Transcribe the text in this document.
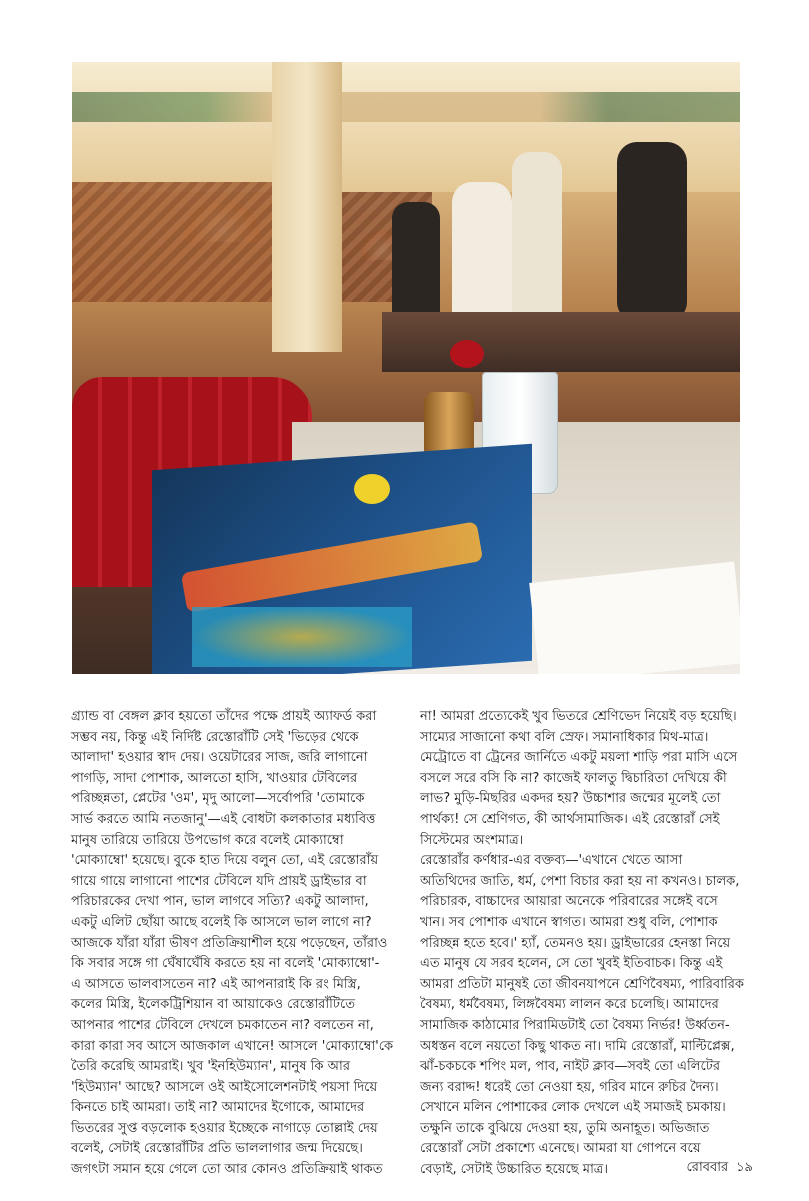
গ্র্যান্ড বা বেঙ্গল ক্লাব হয়তো তাঁদের পক্ষে প্রায়ই অ্যাফর্ড করা

সম্ভব নয়, কিন্তু এই নির্দিষ্ট রেস্তোরাঁটি সেই 'ভিড়ের থেকে

আলাদা' হওয়ার স্বাদ দেয়। ওয়েটারের সাজ, জরি লাগানো

পাগড়ি, সাদা পোশাক, আলতো হাসি, খাওয়ার টেবিলের

পরিচ্ছন্নতা, প্লেটের 'ওম', মৃদু আলো—সর্বোপরি 'তোমাকে

সার্ভ করতে আমি নতজানু'—এই বোধটা কলকাতার মধ্যবিত্ত

মানুষ তারিয়ে তারিয়ে উপভোগ করে বলেই মোক্যাম্বো

'মোক্যাম্বো' হয়েছে। বুকে হাত দিয়ে বলুন তো, এই রেস্তোরাঁয়

গায়ে গায়ে লাগানো পাশের টেবিলে যদি প্রায়ই ড্রাইভার বা

পরিচারকের দেখা পান, ভাল লাগবে সত্যি? একটু আলাদা,

একটু এলিট ছোঁয়া আছে বলেই কি আসলে ভাল লাগে না?

আজকে যাঁরা যাঁরা ভীষণ প্রতিক্রিয়াশীল হয়ে পড়েছেন, তাঁরাও

কি সবার সঙ্গে গা ঘেঁষাঘেঁষি করতে হয় না বলেই 'মোক্যাম্বো'-

এ আসতে ভালবাসতেন না? এই আপনারাই কি রং মিস্ত্রি,

কলের মিস্ত্রি, ইলেকট্রিশিয়ান বা আয়াকেও রেস্তোরাঁটিতে

আপনার পাশের টেবিলে দেখলে চমকাতেন না? বলতেন না,

কারা কারা সব আসে আজকাল এখানে! আসলে 'মোক্যাম্বো'কে

তৈরি করেছি আমরাই। খুব 'ইনহিউম্যান', মানুষ কি আর

'হিউম্যান' আছে? আসলে ওই আইসোলেশনটাই পয়সা দিয়ে

কিনতে চাই আমরা। তাই না? আমাদের ইগোকে, আমাদের

ভিতরের সুপ্ত বড়লোক হওয়ার ইচ্ছেকে নাগাড়ে তোল্লাই দেয়

বলেই, সেটাই রেস্তোরাঁটির প্রতি ভাললাগার জন্ম দিয়েছে।

জগৎটা সমান হয়ে গেলে তো আর কোনও প্রতিক্রিয়াই থাকত

না! আমরা প্রত্যেকেই খুব ভিতরে শ্রেণিভেদ নিয়েই বড় হয়েছি।

সাম্যের সাজানো কথা বলি স্রেফ। সমানাধিকার মিথ-মাত্র।

মেট্রোতে বা ট্রেনের জার্নিতে একটু ময়লা শাড়ি পরা মাসি এসে

বসলে সরে বসি কি না? কাজেই ফালতু দ্বিচারিতা দেখিয়ে কী

লাভ? মুড়ি-মিছরির একদর হয়? উচ্চাশার জন্মের মূলেই তো

পার্থক্য! সে শ্রেণিগত, কী আর্থসামাজিক। এই রেস্তোরাঁ সেই

সিস্টেমের অংশমাত্র।

রেস্তোরাঁর কর্ণধার-এর বক্তব্য—'এখানে খেতে আসা

অতিথিদের জাতি, ধর্ম, পেশা বিচার করা হয় না কখনও। চালক,

পরিচারক, বাচ্চাদের আয়ারা অনেকে পরিবারের সঙ্গেই বসে

খান। সব পোশাক এখানে স্বাগত। আমরা শুধু বলি, পোশাক

পরিচ্ছন্ন হতে হবে।' হ্যাঁ, তেমনও হয়। ড্রাইভারের হেনস্তা নিয়ে

এত মানুষ যে সরব হলেন, সে তো খুবই ইতিবাচক। কিন্তু এই

আমরা প্রতিটা মানুষই তো জীবনযাপনে শ্রেণিবৈষম্য, পারিবারিক

বৈষম্য, ধর্মবৈষম্য, লিঙ্গবৈষম্য লালন করে চলেছি। আমাদের

সামাজিক কাঠামোর পিরামিডটাই তো বৈষম্য নির্ভর! উর্ধ্বতন-

অধস্তন বলে নয়তো কিছু থাকত না। দামি রেস্তোরাঁ, মাল্টিপ্লেক্স,

ঝাঁ-চকচকে শপিং মল, পাব, নাইট ক্লাব—সবই তো এলিটের

জন্য বরাদ্দ! ধরেই তো নেওয়া হয়, গরিব মানে রুচির দৈন্য।

সেখানে মলিন পোশাকের লোক দেখলে এই সমাজই চমকায়।

তক্ষুনি তাকে বুঝিয়ে দেওয়া হয়, তুমি অনাহূত। অভিজাত

রেস্তোরাঁ সেটা প্রকাশ্যে এনেছে। আমরা যা গোপনে বয়ে

বেড়াই, সেটাই উচ্চারিত হয়েছে মাত্র।	রোববার ১৯
